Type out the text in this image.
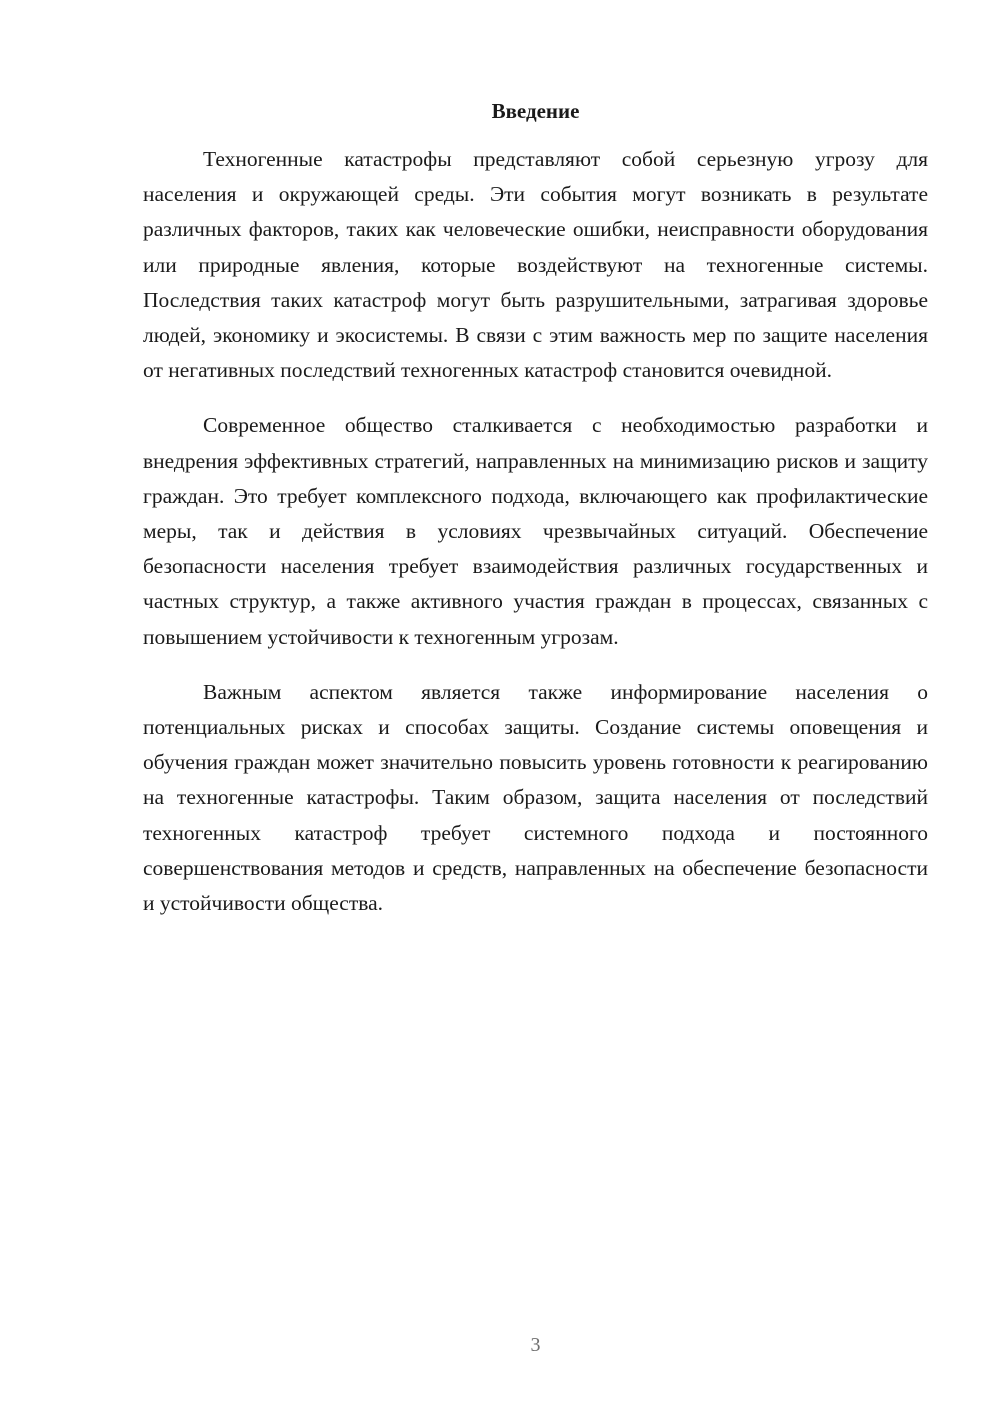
Введение

Техногенные катастрофы представляют собой серьезную угрозу для населения и окружающей среды. Эти события могут возникать в результате различных факторов, таких как человеческие ошибки, неисправности оборудования или природные явления, которые воздействуют на техногенные системы. Последствия таких катастроф могут быть разрушительными, затрагивая здоровье людей, экономику и экосистемы. В связи с этим важность мер по защите населения от негативных последствий техногенных катастроф становится очевидной.

Современное общество сталкивается с необходимостью разработки и внедрения эффективных стратегий, направленных на минимизацию рисков и защиту граждан. Это требует комплексного подхода, включающего как профилактические меры, так и действия в условиях чрезвычайных ситуаций. Обеспечение безопасности населения требует взаимодействия различных государственных и частных структур, а также активного участия граждан в процессах, связанных с повышением устойчивости к техногенным угрозам.

Важным аспектом является также информирование населения о потенциальных рисках и способах защиты. Создание системы оповещения и обучения граждан может значительно повысить уровень готовности к реагированию на техногенные катастрофы. Таким образом, защита населения от последствий техногенных катастроф требует системного подхода и постоянного совершенствования методов и средств, направленных на обеспечение безопасности и устойчивости общества.

3
